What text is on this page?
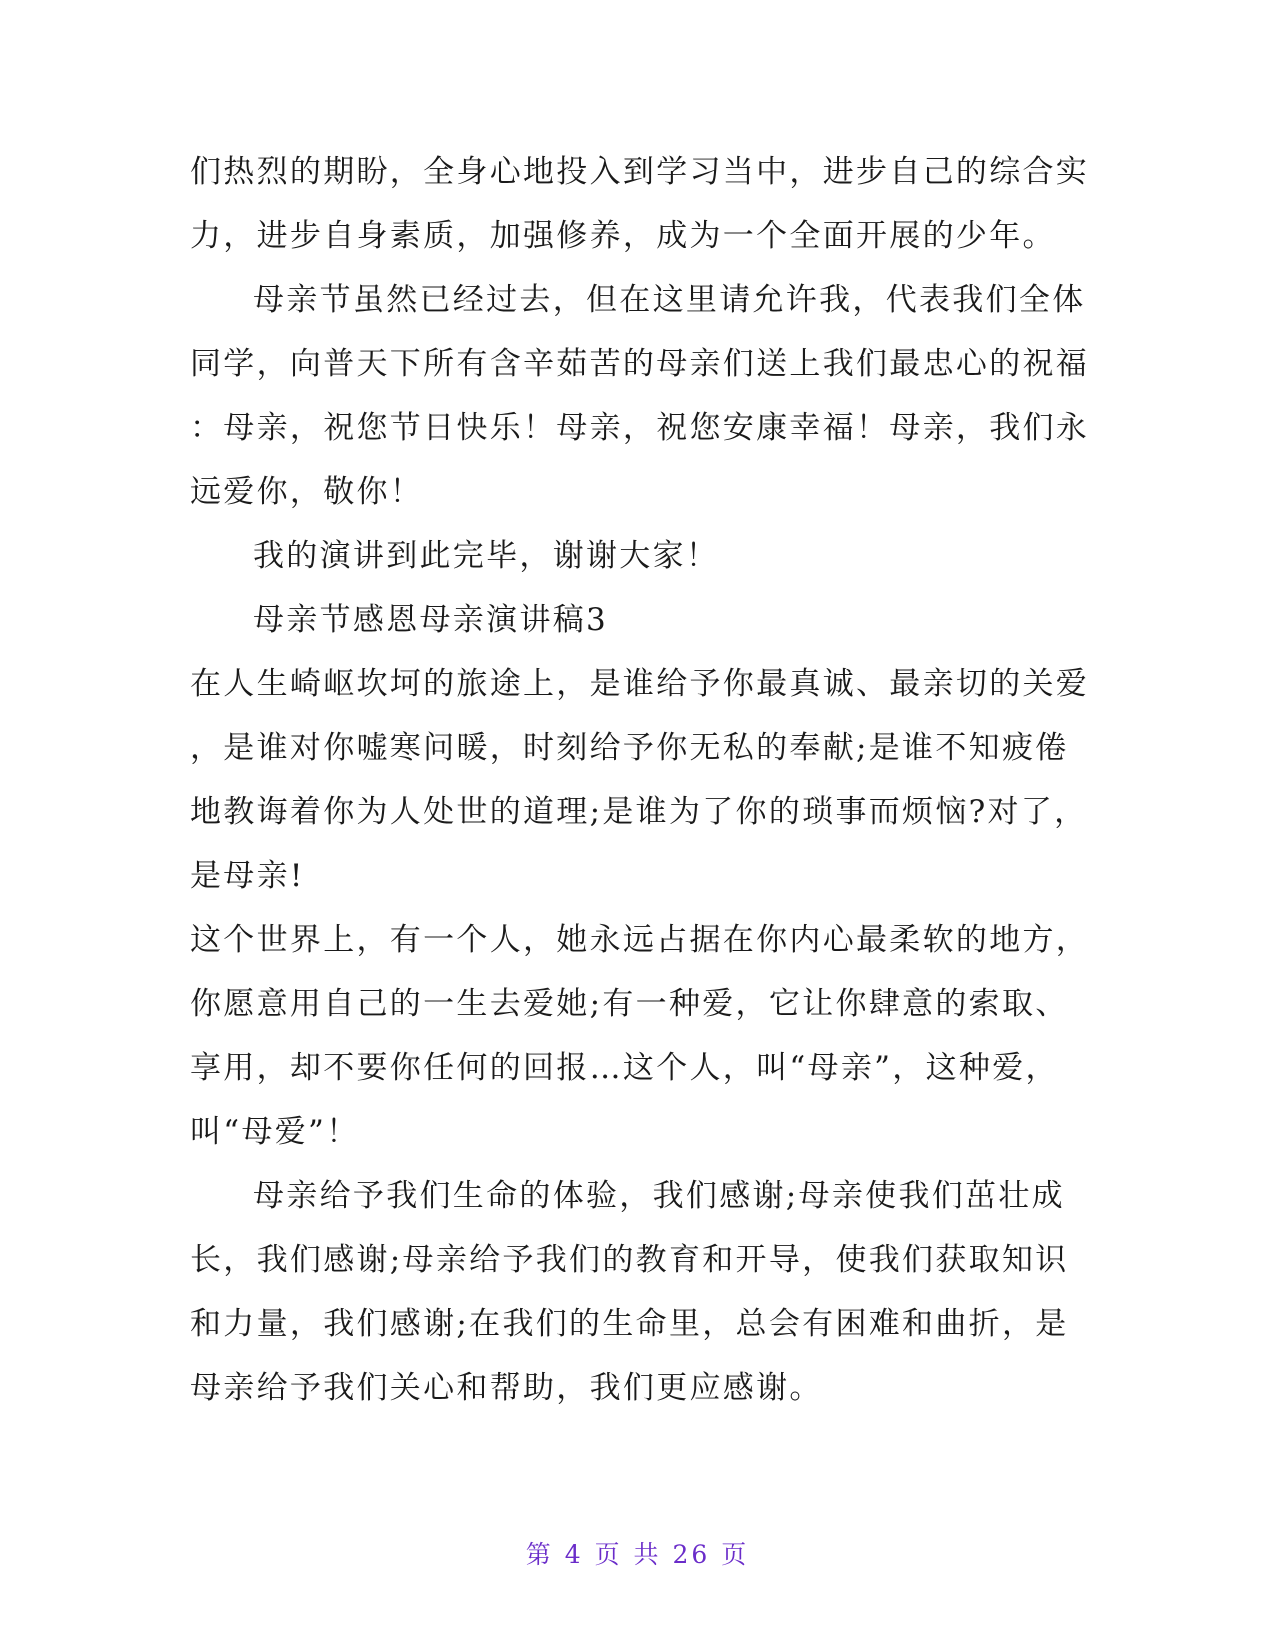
们热烈的期盼，全身心地投入到学习当中，进步自己的综合实
力，进步自身素质，加强修养，成为一个全面开展的少年。
母亲节虽然已经过去，但在这里请允许我，代表我们全体
同学，向普天下所有含辛茹苦的母亲们送上我们最忠心的祝福
：母亲，祝您节日快乐！母亲，祝您安康幸福！母亲，我们永
远爱你，敬你！
我的演讲到此完毕，谢谢大家！
母亲节感恩母亲演讲稿3
在人生崎岖坎坷的旅途上，是谁给予你最真诚、最亲切的关爱
，是谁对你嘘寒问暖，时刻给予你无私的奉献;是谁不知疲倦
地教诲着你为人处世的道理;是谁为了你的琐事而烦恼?对了，
是母亲!
这个世界上，有一个人，她永远占据在你内心最柔软的地方，
你愿意用自己的一生去爱她;有一种爱，它让你肆意的索取、
享用，却不要你任何的回报…这个人，叫“母亲”，这种爱，
叫“母爱”！
母亲给予我们生命的体验，我们感谢;母亲使我们茁壮成
长，我们感谢;母亲给予我们的教育和开导，使我们获取知识
和力量，我们感谢;在我们的生命里，总会有困难和曲折，是
母亲给予我们关心和帮助，我们更应感谢。
第 4 页 共 26 页
